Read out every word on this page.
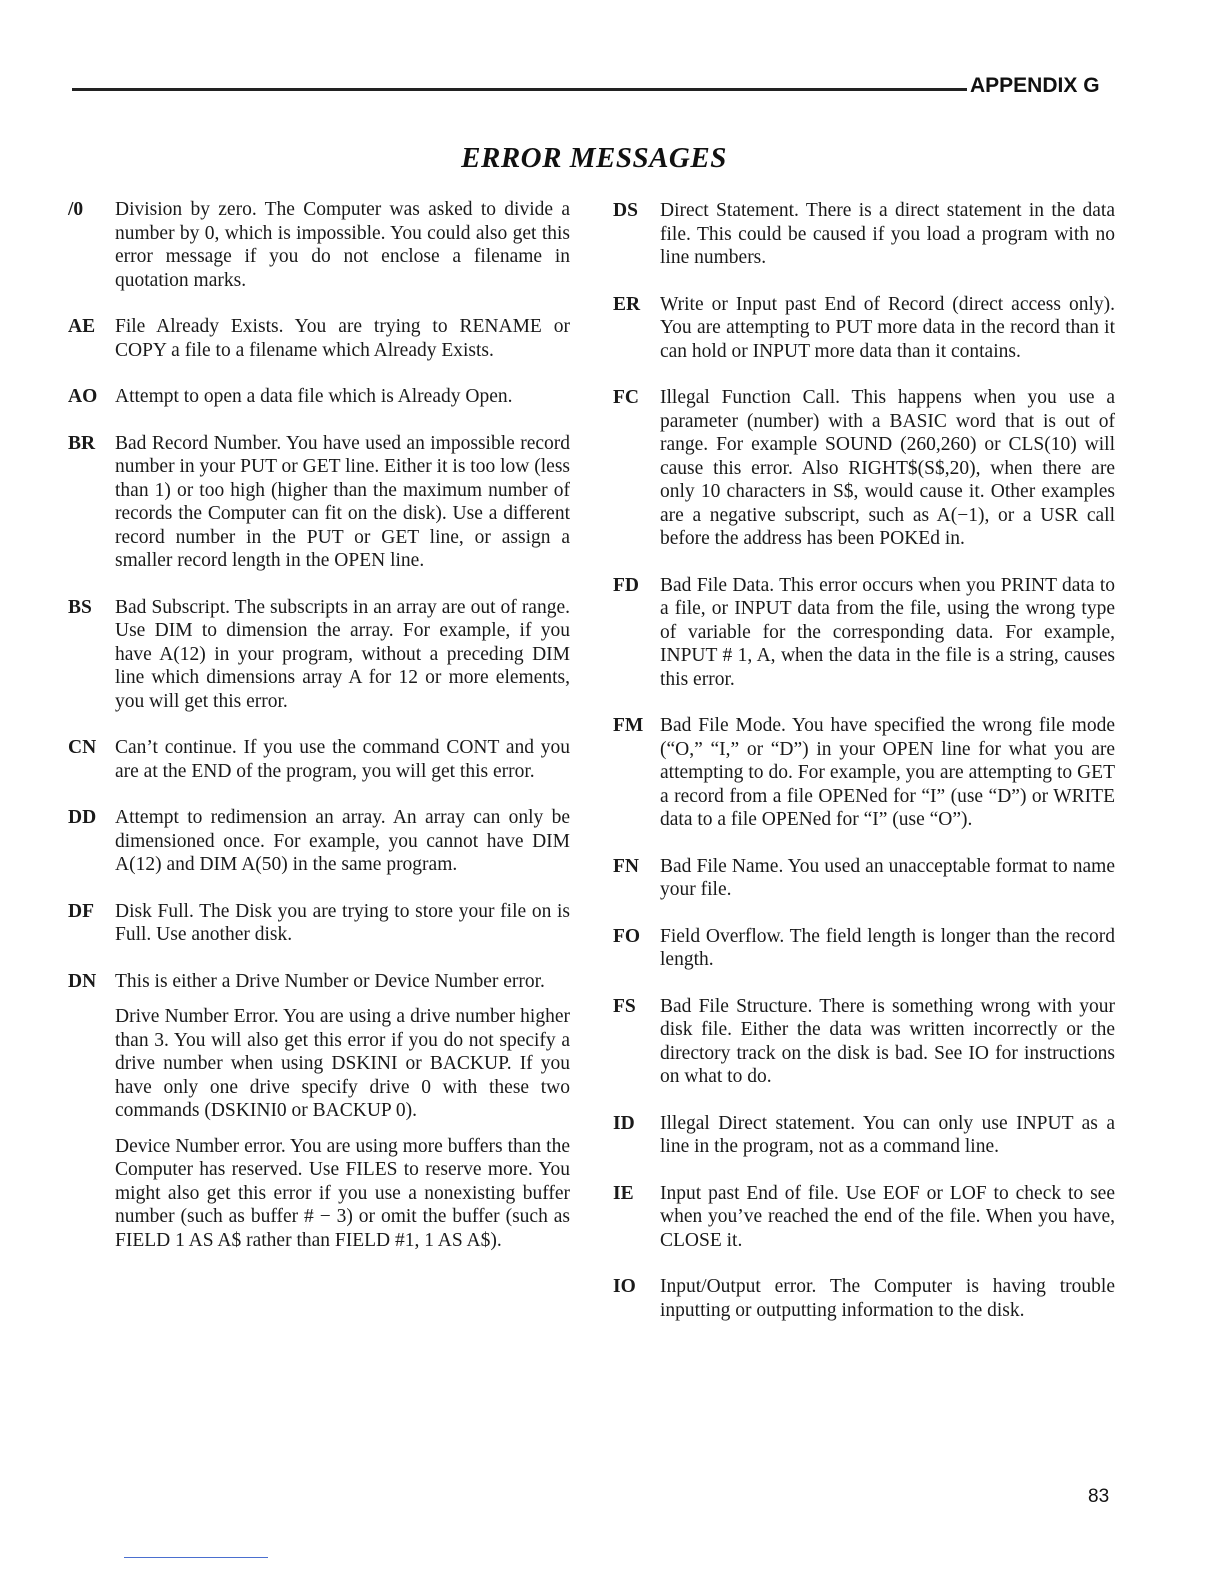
APPENDIX G
ERROR MESSAGES
/0	Division by zero. The Computer was asked to divide a number by 0, which is impossible. You could also get this error message if you do not enclose a filename in quotation marks.

AE	File Already Exists. You are trying to RENAME or COPY a file to a filename which Already Exists.

AO Attempt to open a data file which is Already Open.

BR	Bad Record Number. You have used an impossible record number in your PUT or GET line. Either it is too low (less than 1) or too high (higher than the maximum number of records the Computer can fit on the disk). Use a different record number in the PUT or GET line, or assign a smaller record length in the OPEN line.

BS	Bad Subscript. The subscripts in an array are out of range. Use DIM to dimension the array. For example, if you have A(12) in your program, without a preceding DIM line which dimensions array A for 12 or more elements, you will get this error.

CN Can’t continue. If you use the command CONT and you are at the END of the program, you will get this error.

DD Attempt to redimension an array. An array can only be dimensioned once. For example, you cannot have DIM A(12) and DIM A(50) in the same program.

DF	Disk Full. The Disk you are trying to store your file on is Full. Use another disk.

DN This is either a Drive Number or Device Number error.

Drive Number Error. You are using a drive number higher than 3. You will also get this error if you do not specify a drive number when using DSKINI or BACKUP. If you have only one drive specify drive 0 with these two commands (DSKINI0 or BACKUP 0).

Device Number error. You are using more buffers than the Computer has reserved. Use FILES to reserve more. You might also get this error if you use a nonexisting buffer number (such as buffer # − 3) or omit the buffer (such as FIELD 1 AS A$ rather than FIELD #1, 1 AS A$).

DS	Direct Statement. There is a direct statement in the data file. This could be caused if you load a program with no line numbers.

ER	Write or Input past End of Record (direct access only). You are attempting to PUT more data in the record than it can hold or INPUT more data than it contains.

FC	Illegal Function Call. This happens when you use a parameter (number) with a BASIC word that is out of range. For example SOUND (260,260) or CLS(10) will cause this error. Also RIGHT$(S$,20), when there are only 10 characters in S$, would cause it. Other examples are a negative subscript, such as A(−1), or a USR call before the address has been POKEd in.

FD	Bad File Data. This error occurs when you PRINT data to a file, or INPUT data from the file, using the wrong type of variable for the corresponding data. For example, INPUT # 1, A, when the data in the file is a string, causes this error.

FM Bad File Mode. You have specified the wrong file mode (“O,” “I,” or “D”) in your OPEN line for what you are attempting to do. For example, you are attempting to GET a record from a file OPENed for “I” (use “D”) or WRITE data to a file OPENed for “I” (use “O”).

FN	Bad File Name. You used an unacceptable format to name your file.

FO	Field Overflow. The field length is longer than the record length.

FS	Bad File Structure. There is something wrong with your disk file. Either the data was written incorrectly or the directory track on the disk is bad. See IO for instructions on what to do.

ID	Illegal Direct statement. You can only use INPUT as a line in the program, not as a command line.

IE	Input past End of file. Use EOF or LOF to check to see when you’ve reached the end of the file. When you have, CLOSE it.

IO	Input/Output error. The Computer is having trouble inputting or outputting information to the disk.

83
